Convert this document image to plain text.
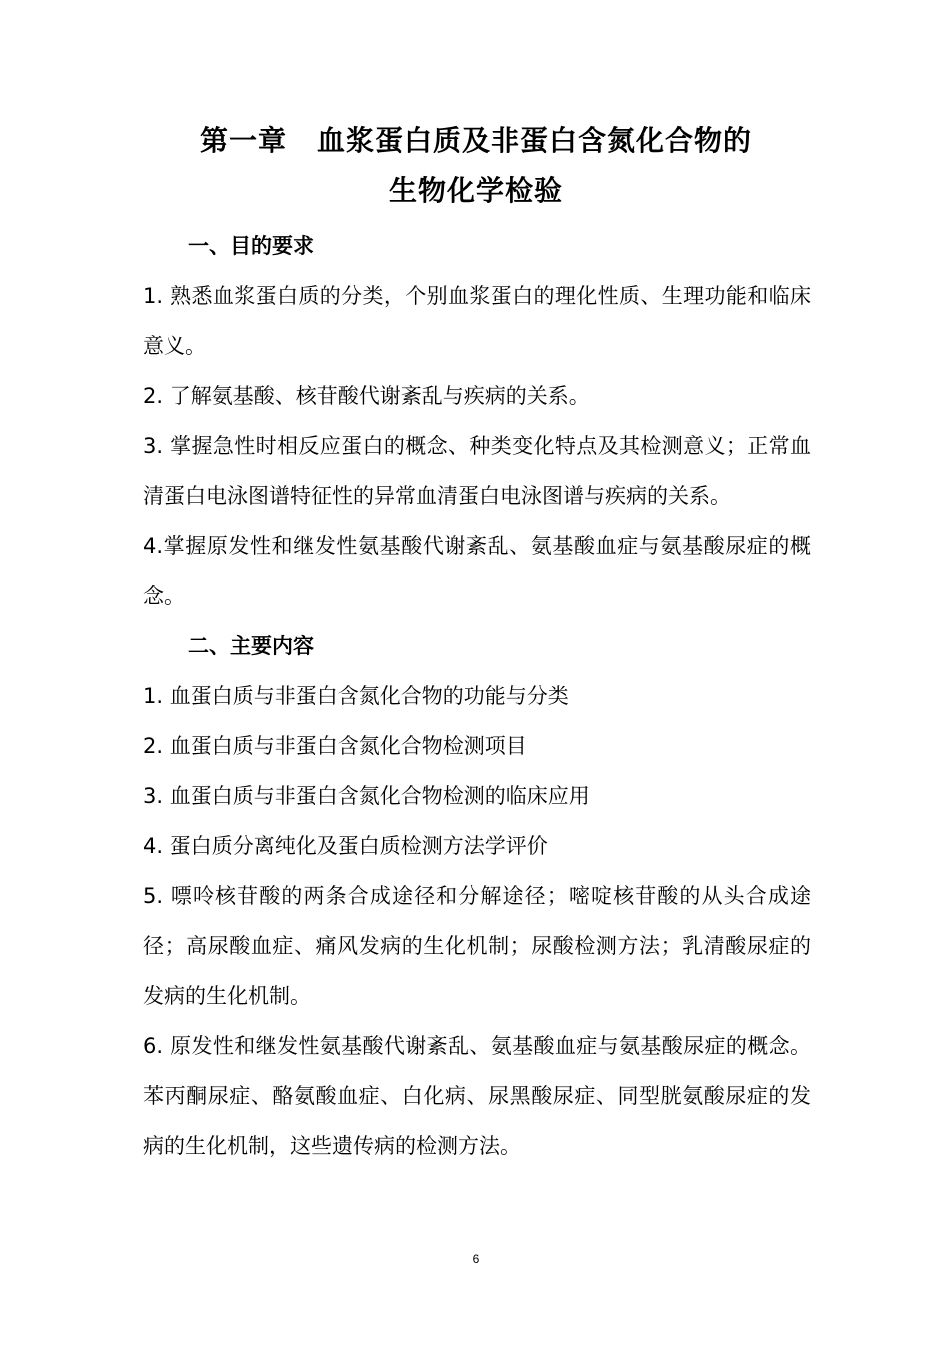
第一章 血浆蛋白质及非蛋白含氮化合物的
生物化学检验
一、目的要求

1. 熟悉血浆蛋白质的分类，个别血浆蛋白的理化性质、生理功能和临床意义。

2. 了解氨基酸、核苷酸代谢紊乱与疾病的关系。

3. 掌握急性时相反应蛋白的概念、种类变化特点及其检测意义；正常血清蛋白电泳图谱特征性的异常血清蛋白电泳图谱与疾病的关系。

4.掌握原发性和继发性氨基酸代谢紊乱、氨基酸血症与氨基酸尿症的概念。

二、主要内容

1. 血蛋白质与非蛋白含氮化合物的功能与分类

2. 血蛋白质与非蛋白含氮化合物检测项目

3. 血蛋白质与非蛋白含氮化合物检测的临床应用

4. 蛋白质分离纯化及蛋白质检测方法学评价

5. 嘌呤核苷酸的两条合成途径和分解途径；嘧啶核苷酸的从头合成途径；高尿酸血症、痛风发病的生化机制；尿酸检测方法；乳清酸尿症的发病的生化机制。

6. 原发性和继发性氨基酸代谢紊乱、氨基酸血症与氨基酸尿症的概念。苯丙酮尿症、酪氨酸血症、白化病、尿黑酸尿症、同型胱氨酸尿症的发病的生化机制，这些遗传病的检测方法。

6
